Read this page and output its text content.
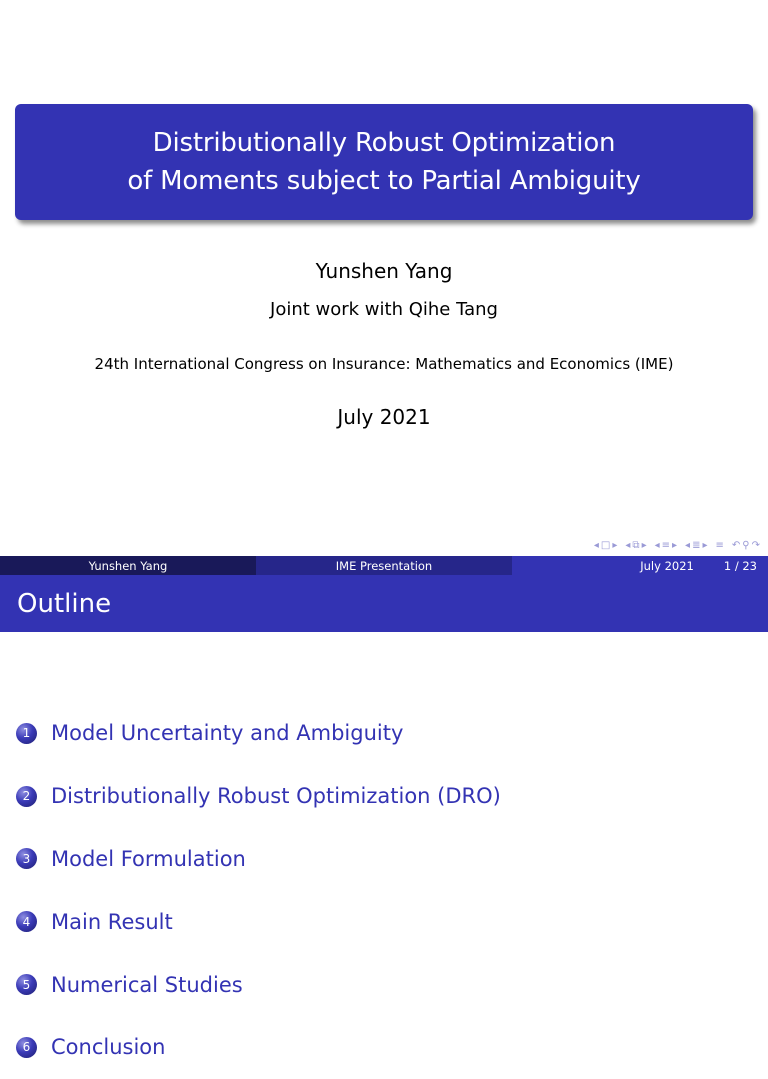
Distributionally Robust Optimization
of Moments subject to Partial Ambiguity
Yunshen Yang
Joint work with Qihe Tang
24th International Congress on Insurance: Mathematics and Economics (IME)
July 2021
◂ □ ▸ ◂ ⧉ ▸ ◂ ≡ ▸ ◂ ≣ ▸ ≡ ↶ ⚲ ↷
Yunshen Yang	IME Presentation	July 2021	1 / 23
Outline
1 Model Uncertainty and Ambiguity
2 Distributionally Robust Optimization (DRO)
3 Model Formulation
4 Main Result
5 Numerical Studies
6 Conclusion
